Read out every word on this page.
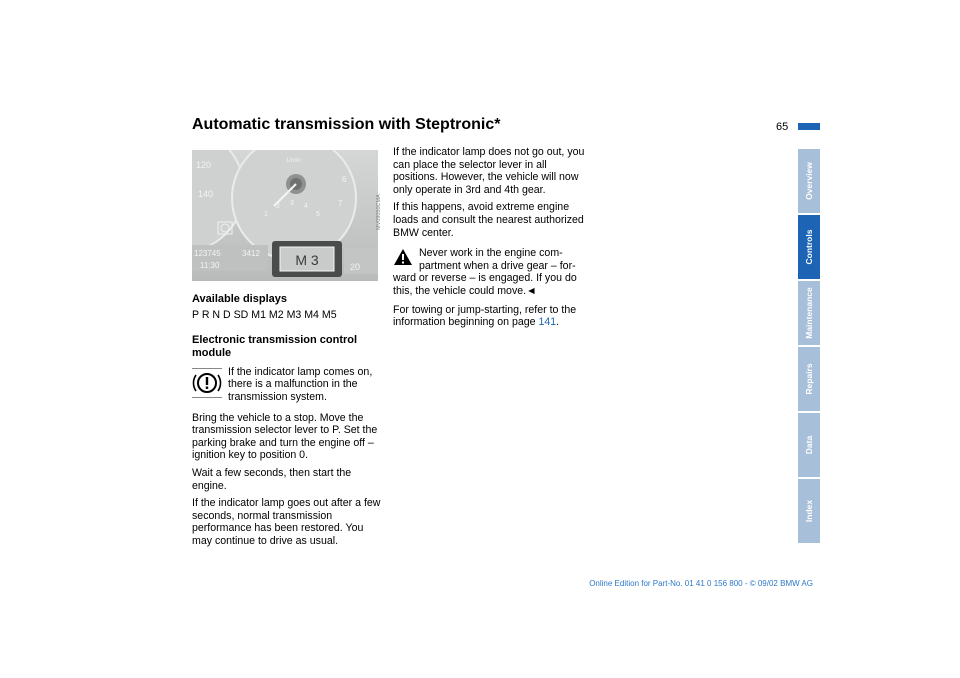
Automatic transmission with Steptronic*	65
120
140
1/min
6
7
1
2 3 4
5
123745	3412
11:30	20
M 3
Available displays

P R N D SD M1 M2 M3 M4 M5

Electronic transmission control module
If the indicator lamp comes on, there is a malfunction in the transmission system.

Bring the vehicle to a stop. Move the transmission selector lever to P. Set the parking brake and turn the engine off – ignition key to position 0.

Wait a few seconds, then start the engine.

If the indicator lamp goes out after a few seconds, normal transmission performance has been restored. You may continue to drive as usual.

MV09050CMA

If the indicator lamp does not go out, you can place the selector lever in all positions. However, the vehicle will now only operate in 3rd and 4th gear.

If this happens, avoid extreme engine loads and consult the nearest authorized BMW center.

Never work in the engine com-
partment when a drive gear – for-
ward or reverse – is engaged. If you do this, the vehicle could move.◄

For towing or jump-starting, refer to the information beginning on page 141.

Overview
Controls
Maintenance
Repairs
Data
Index
Online Edition for Part-No. 01 41 0 156 800 - © 09/02 BMW AG
